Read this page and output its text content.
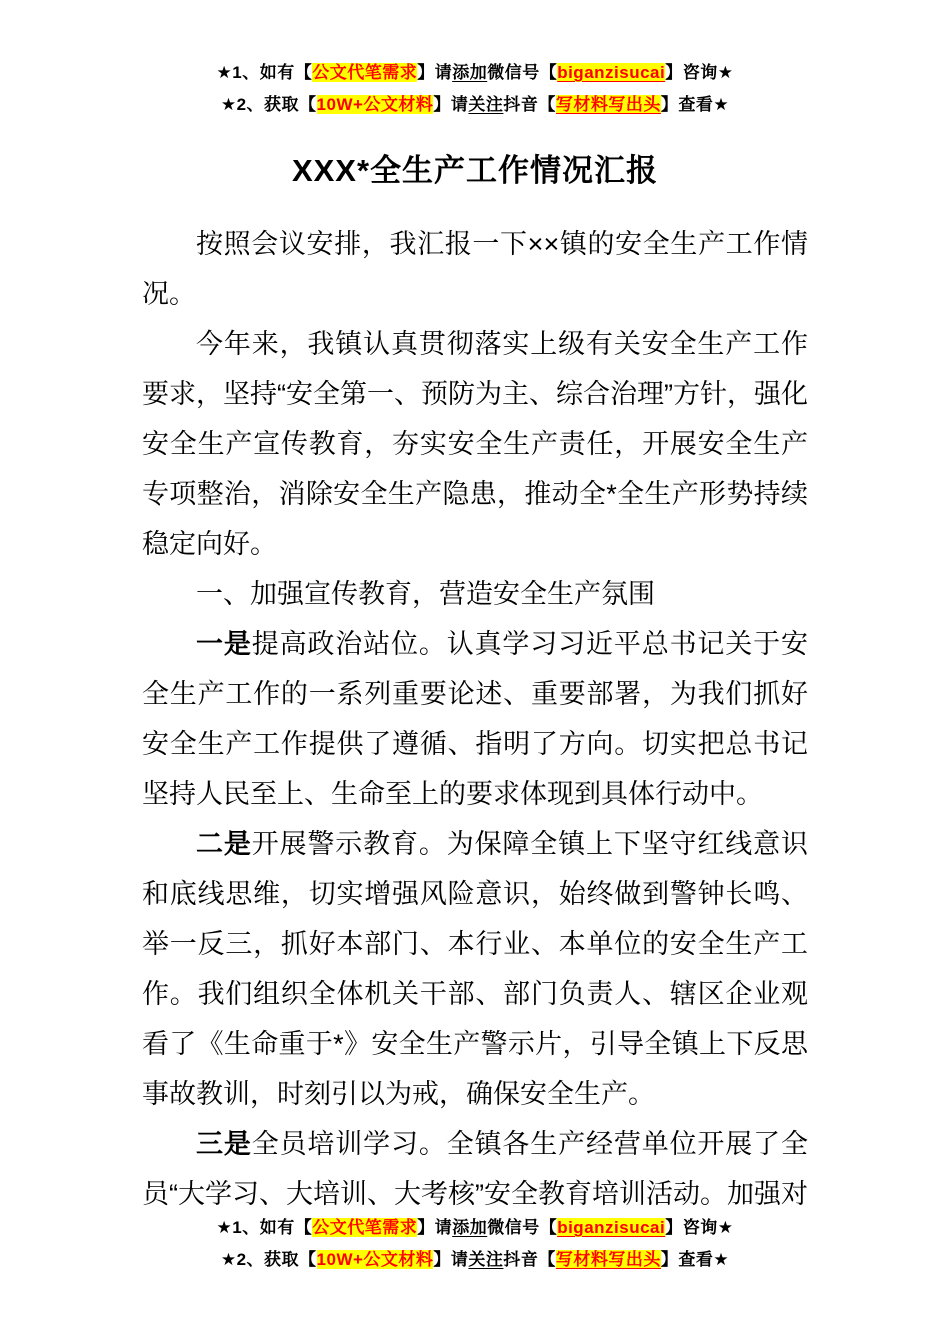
★1、如有【公文代笔需求】请添加微信号【biganzisucai】咨询★
★2、获取【10W+公文材料】请关注抖音【写材料写出头】查看★
XXX*全生产工作情况汇报

按照会议安排，我汇报一下××镇的安全生产工作情况。

今年来，我镇认真贯彻落实上级有关安全生产工作要求，坚持“安全第一、预防为主、综合治理”方针，强化安全生产宣传教育，夯实安全生产责任，开展安全生产专项整治，消除安全生产隐患，推动全*全生产形势持续稳定向好。

一、加强宣传教育，营造安全生产氛围

一是提高政治站位。认真学习习近平总书记关于安全生产工作的一系列重要论述、重要部署，为我们抓好安全生产工作提供了遵循、指明了方向。切实把总书记坚持人民至上、生命至上的要求体现到具体行动中。

二是开展警示教育。为保障全镇上下坚守红线意识和底线思维，切实增强风险意识，始终做到警钟长鸣、举一反三，抓好本部门、本行业、本单位的安全生产工作。我们组织全体机关干部、部门负责人、辖区企业观看了《生命重于*》安全生产警示片，引导全镇上下反思事故教训，时刻引以为戒，确保安全生产。

三是全员培训学习。全镇各生产经营单位开展了全员“大学习、大培训、大考核”安全教育培训活动。加强对

★1、如有【公文代笔需求】请添加微信号【biganzisucai】咨询★
★2、获取【10W+公文材料】请关注抖音【写材料写出头】查看★
